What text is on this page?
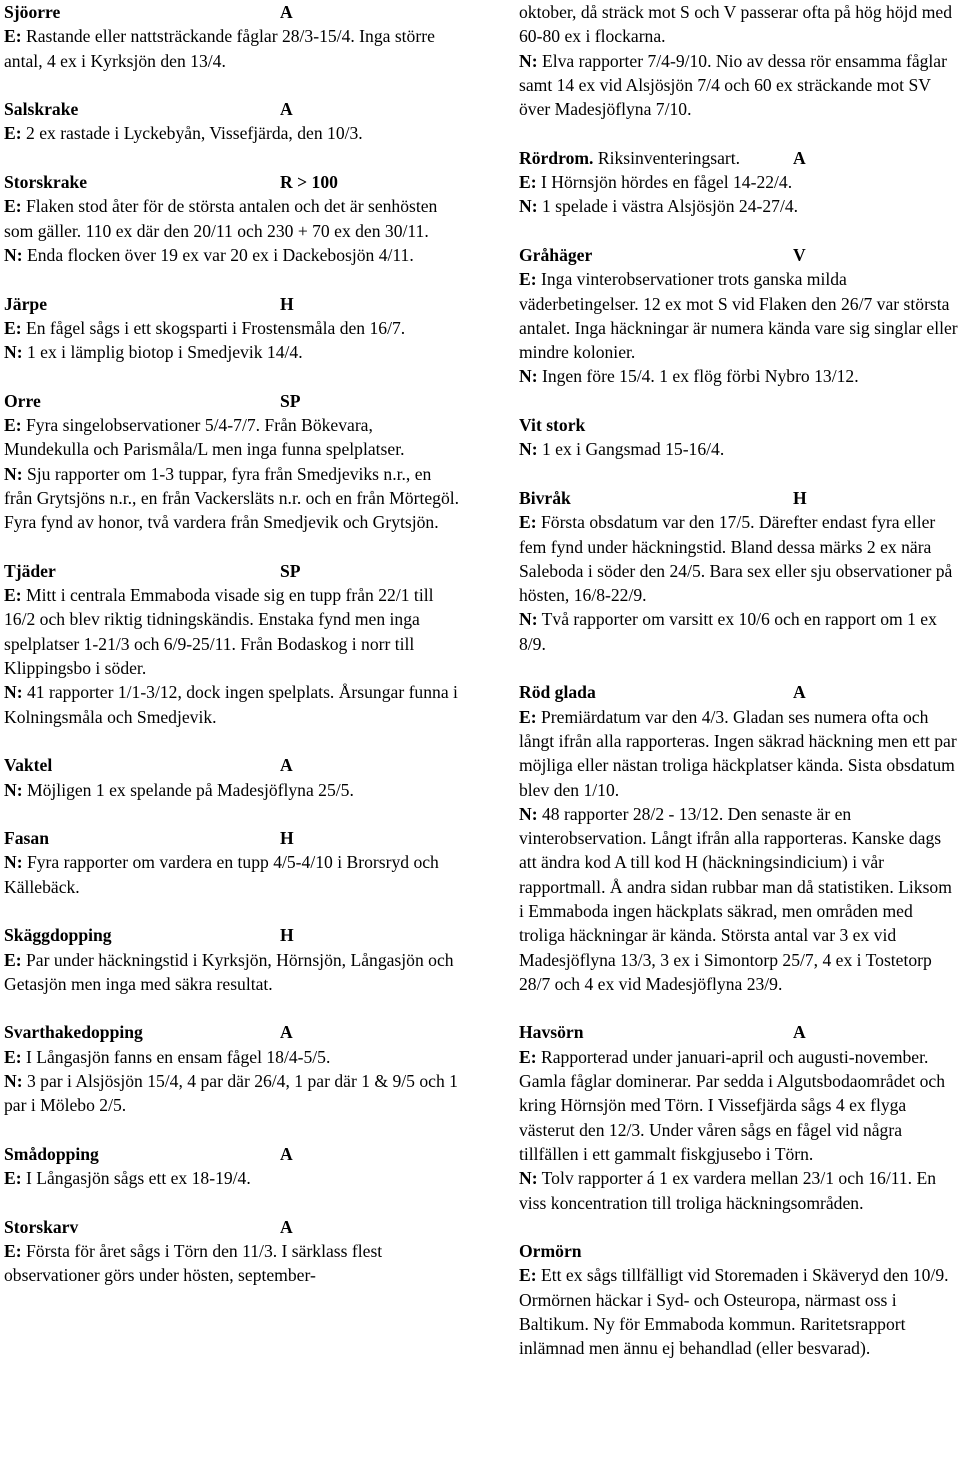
Sjöorre	A

E: Rastande eller nattsträckande fåglar 28/3-15/4. Inga större antal, 4 ex i Kyrksjön den 13/4.

Salskrake	A

E: 2 ex rastade i Lyckebyån, Vissefjärda, den 10/3.

Storskrake	R > 100

E: Flaken stod åter för de största antalen och det är senhösten som gäller. 110 ex där den 20/11 och 230 + 70 ex den 30/11.

N: Enda flocken över 19 ex var 20 ex i Dackebosjön 4/11.

Järpe	H

E: En fågel sågs i ett skogsparti i Frostensmåla den 16/7.

N: 1 ex i lämplig biotop i Smedjevik 14/4.

Orre	SP

E: Fyra singelobservationer 5/4-7/7. Från Bökevara, Mundekulla och Parismåla/L men inga funna spelplatser.

N: Sju rapporter om 1-3 tuppar, fyra från Smedjeviks n.r., en från Grytsjöns n.r., en från Vackersläts n.r. och en från Mörtegöl. Fyra fynd av honor, två vardera från Smedjevik och Grytsjön.

Tjäder	SP

E: Mitt i centrala Emmaboda visade sig en tupp från 22/1 till 16/2 och blev riktig tidningskändis. Enstaka fynd men inga spelplatser 1-21/3 och 6/9-25/11. Från Bodaskog i norr till Klippingsbo i söder.

N: 41 rapporter 1/1-3/12, dock ingen spelplats. Årsungar funna i Kolningsmåla och Smedjevik.

Vaktel	A

N: Möjligen 1 ex spelande på Madesjöflyna 25/5.

Fasan	H

N: Fyra rapporter om vardera en tupp 4/5-4/10 i Brorsryd och Källebäck.

Skäggdopping	H

E: Par under häckningstid i Kyrksjön, Hörnsjön, Långasjön och Getasjön men inga med säkra resultat.

Svarthakedopping	A

E: I Långasjön fanns en ensam fågel 18/4-5/5.

N: 3 par i Alsjösjön 15/4, 4 par där 26/4, 1 par där 1 & 9/5 och 1 par i Mölebo 2/5.

Smådopping	A

E: I Långasjön sågs ett ex 18-19/4.

Storskarv	A

E: Första för året sågs i Törn den 11/3. I särklass flest observationer görs under hösten, september-

oktober, då sträck mot S och V passerar ofta på hög höjd med 60-80 ex i flockarna.

N: Elva rapporter 7/4-9/10. Nio av dessa rör ensamma fåglar samt 14 ex vid Alsjösjön 7/4 och 60 ex sträckande mot SV över Madesjöflyna 7/10.

Rördrom. Riksinventeringsart.	A

E: I Hörnsjön hördes en fågel 14-22/4.

N: 1 spelade i västra Alsjösjön 24-27/4.

Gråhäger	V

E: Inga vinterobservationer trots ganska milda väderbetingelser. 12 ex mot S vid Flaken den 26/7 var största antalet. Inga häckningar är numera kända vare sig singlar eller mindre kolonier.

N: Ingen före 15/4. 1 ex flög förbi Nybro 13/12.

Vit stork

N: 1 ex i Gangsmad 15-16/4.

Bivråk	H

E: Första obsdatum var den 17/5. Därefter endast fyra eller fem fynd under häckningstid. Bland dessa märks 2 ex nära Saleboda i söder den 24/5. Bara sex eller sju observationer på hösten, 16/8-22/9.

N: Två rapporter om varsitt ex 10/6 och en rapport om 1 ex 8/9.

Röd glada	A

E: Premiärdatum var den 4/3. Gladan ses numera ofta och långt ifrån alla rapporteras. Ingen säkrad häckning men ett par möjliga eller nästan troliga häckplatser kända. Sista obsdatum blev den 1/10.

N: 48 rapporter 28/2 - 13/12. Den senaste är en vinterobservation. Långt ifrån alla rapporteras. Kanske dags att ändra kod A till kod H (häckningsindicium) i vår rapportmall. Å andra sidan rubbar man då statistiken. Liksom i Emmaboda ingen häckplats säkrad, men områden med troliga häckningar är kända. Största antal var 3 ex vid Madesjöflyna 13/3, 3 ex i Simontorp 25/7, 4 ex i Tostetorp 28/7 och 4 ex vid Madesjöflyna 23/9.

Havsörn	A

E: Rapporterad under januari-april och augusti-november. Gamla fåglar dominerar. Par sedda i Algutsbodaområdet och kring Hörnsjön med Törn. I Vissefjärda sågs 4 ex flyga västerut den 12/3. Under våren sågs en fågel vid några tillfällen i ett gammalt fiskgjusebo i Törn.

N: Tolv rapporter á 1 ex vardera mellan 23/1 och 16/11. En viss koncentration till troliga häckningsområden.

Ormörn

E: Ett ex sågs tillfälligt vid Storemaden i Skäveryd den 10/9. Ormörnen häckar i Syd- och Osteuropa, närmast oss i Baltikum. Ny för Emmaboda kommun. Raritetsrapport inlämnad men ännu ej behandlad (eller besvarad).
